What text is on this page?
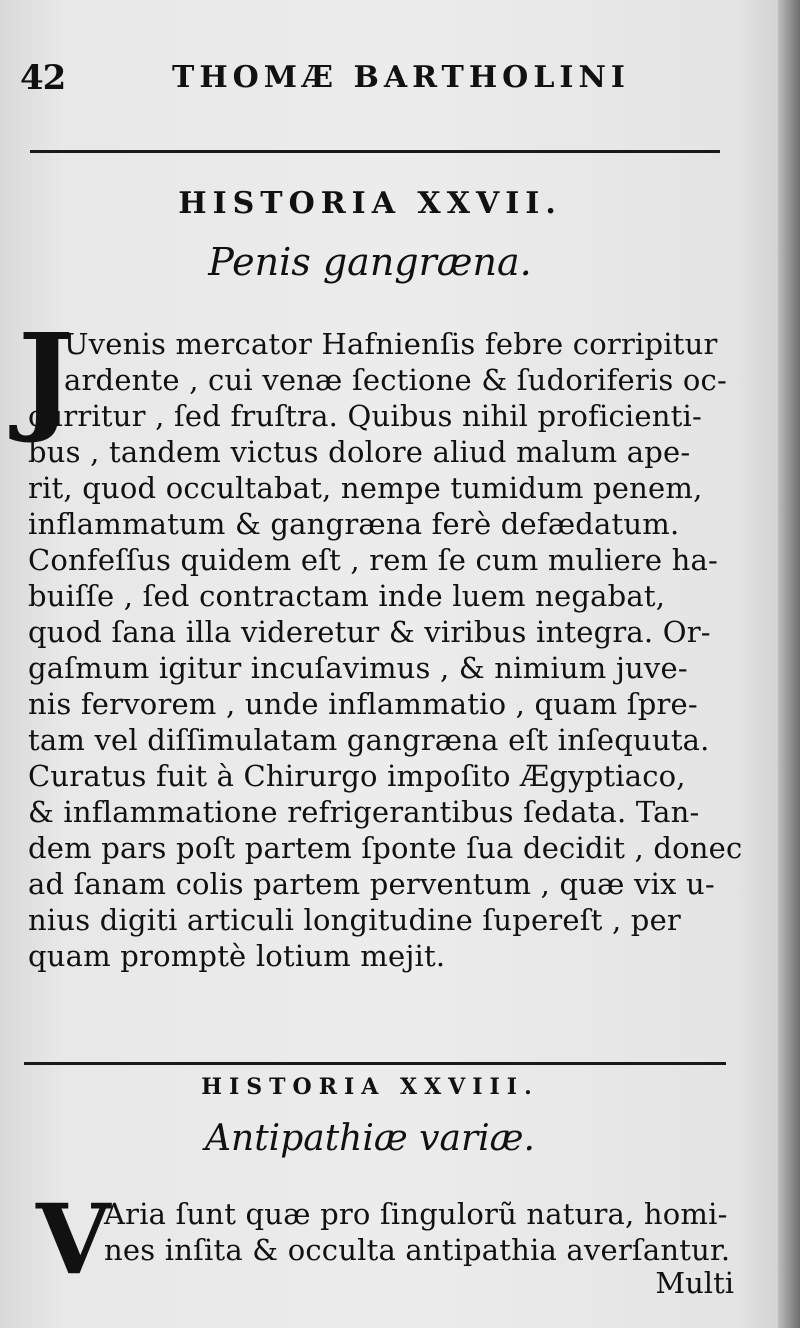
42	THOMÆ BARTHOLINI
HISTORIA XXVII.
Penis gangræna.
J
Uvenis mercator Hafnienſis febre corripitur
ardente , cui venæ ſectione & ſudoriferis oc-
curritur , ſed fruſtra. Quibus nihil proficienti-
bus , tandem victus dolore aliud malum ape-
rit, quod occultabat, nempe tumidum penem,
inflammatum & gangræna ferè defædatum.
Confeſſus quidem eſt , rem ſe cum muliere ha-
buiſſe , ſed contractam inde luem negabat,
quod ſana illa videretur & viribus integra. Or-
gaſmum igitur incuſavimus , & nimium juve-
nis fervorem , unde inflammatio , quam ſpre-
tam vel diſſimulatam gangræna eſt inſequuta.
Curatus fuit à Chirurgo impoſito Ægyptiaco,
& inflammatione refrigerantibus ſedata. Tan-
dem pars poſt partem ſponte ſua decidit , donec
ad ſanam colis partem perventum , quæ vix u-
nius digiti articuli longitudine ſupereſt , per
quam promptè lotium mejit.
HISTORIA XXVIII.
Antipathiæ variæ.
V
Aria ſunt quæ pro ſingulorũ natura, homi-
nes inſita & occulta antipathia averſantur.
Multi
